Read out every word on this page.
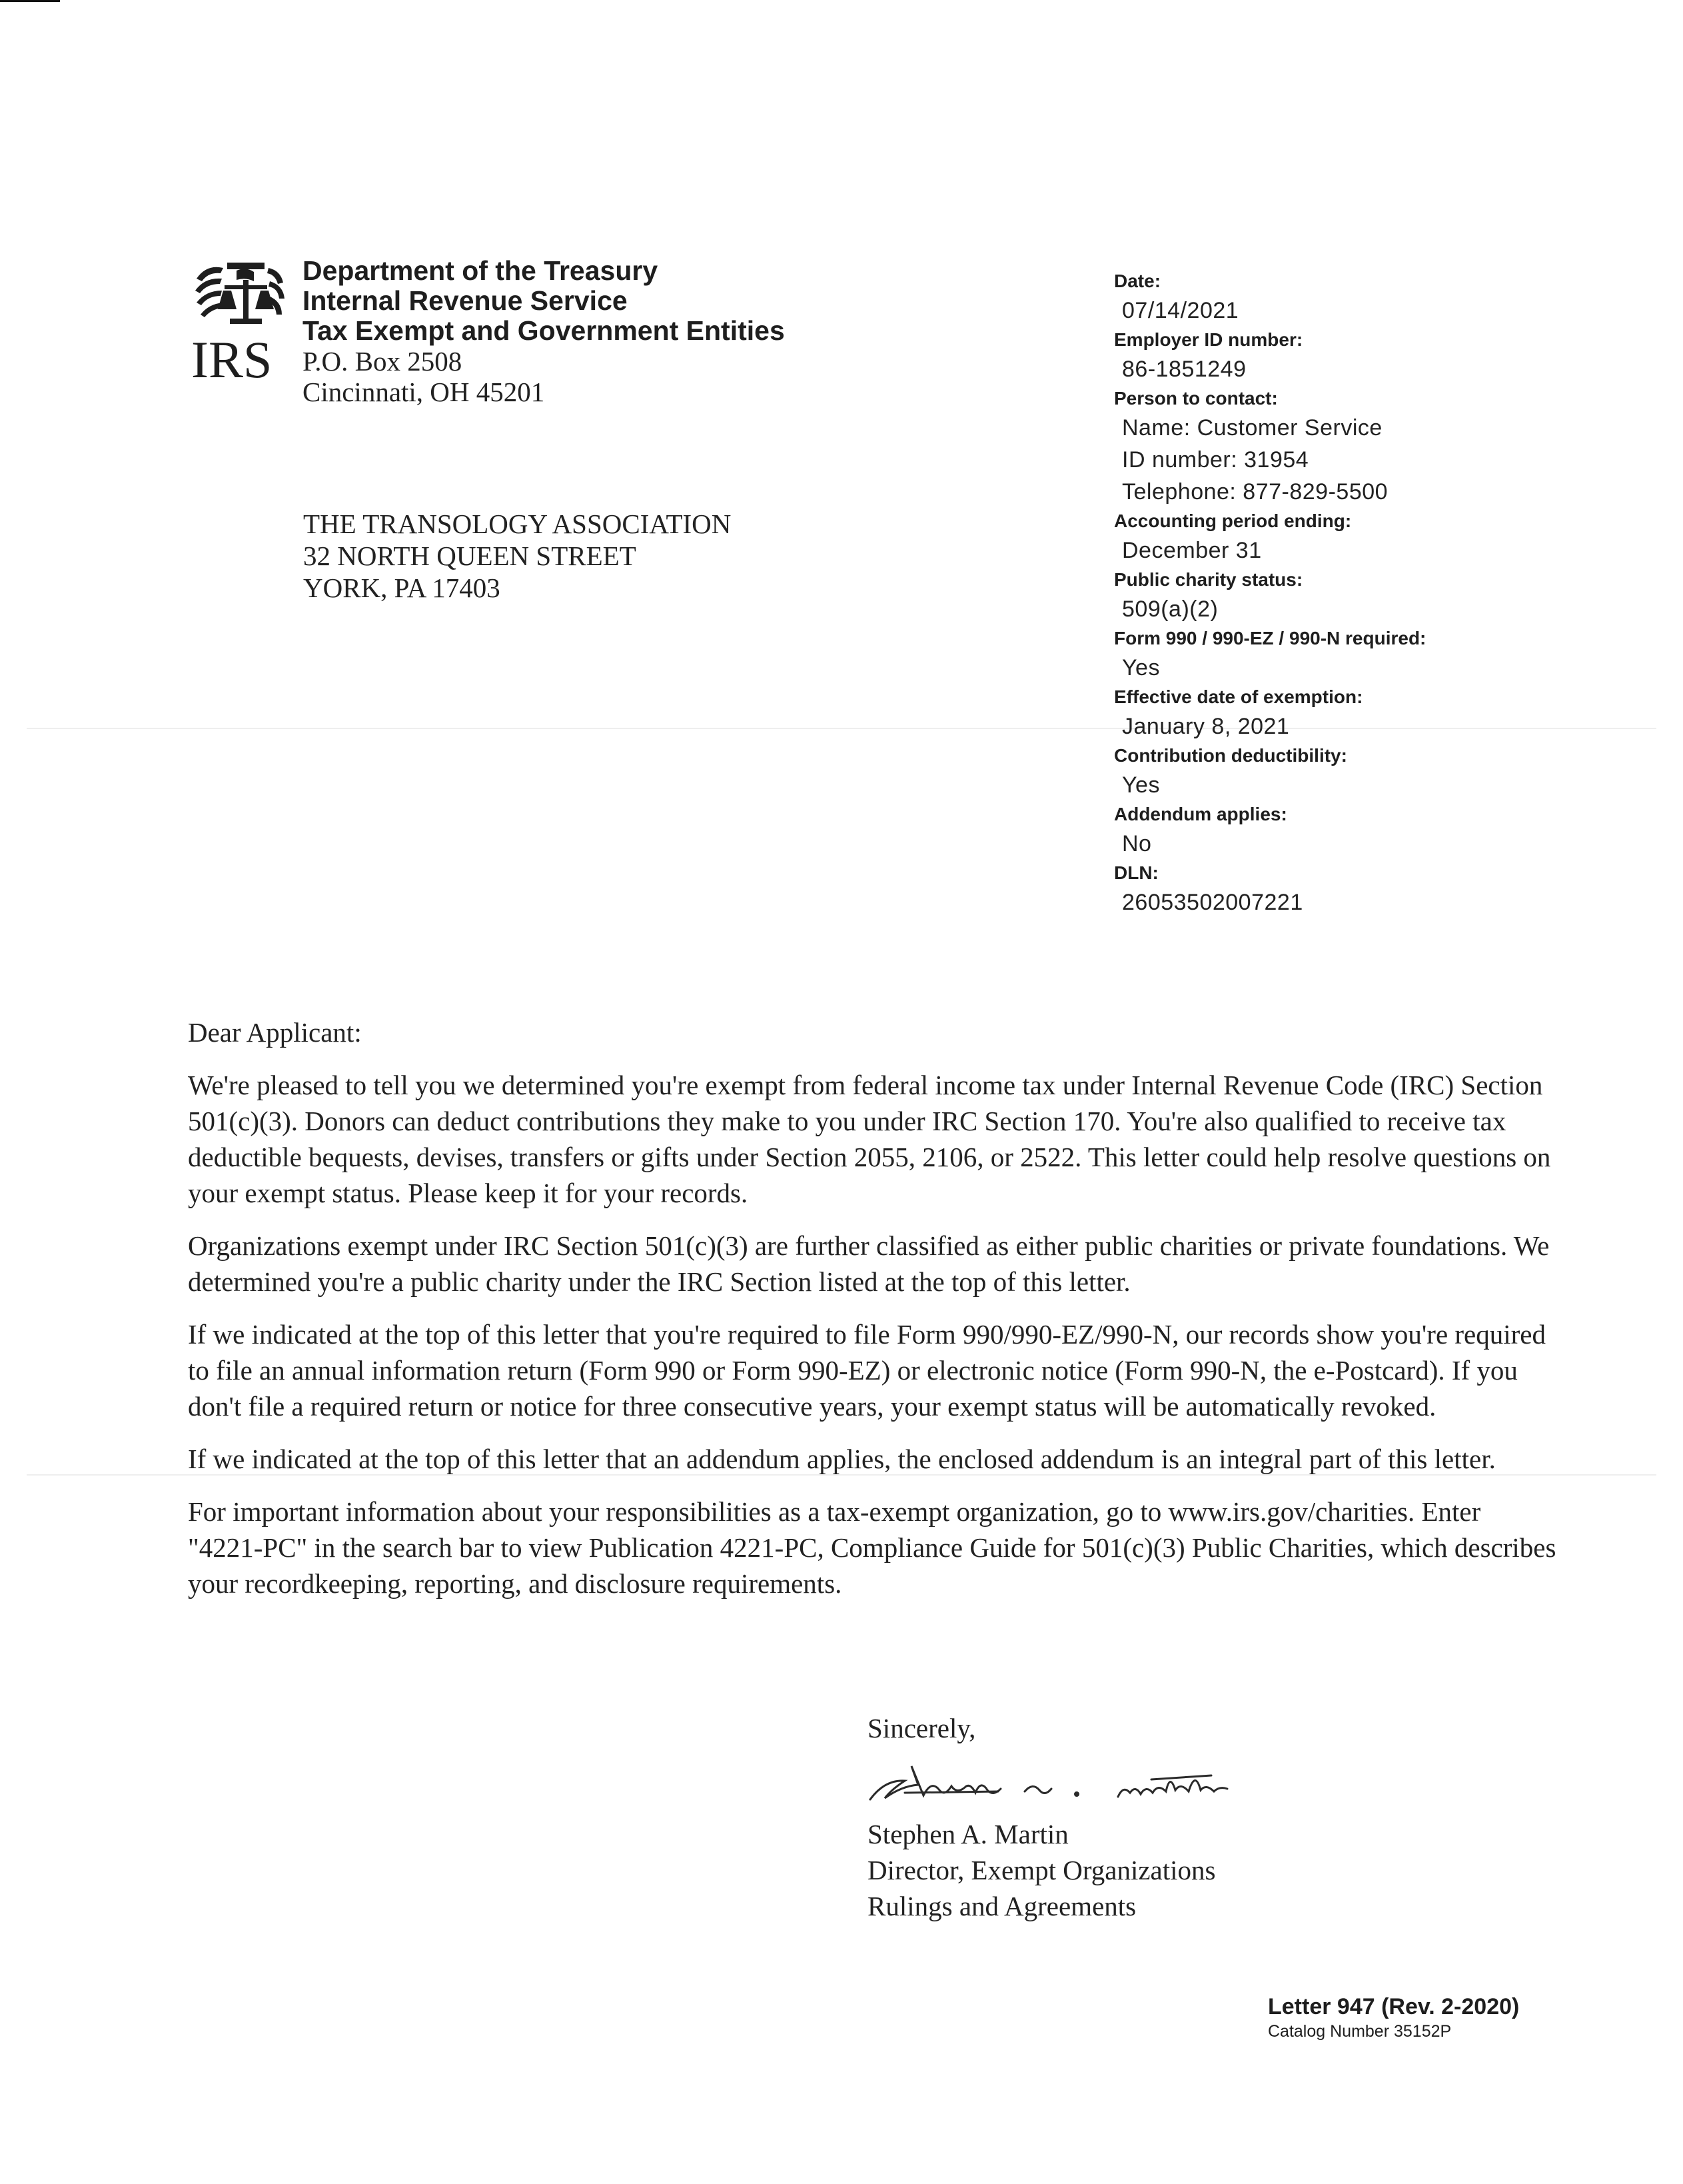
IRS
Department of the Treasury
Internal Revenue Service
Tax Exempt and Government Entities
P.O. Box 2508
Cincinnati, OH 45201
THE TRANSOLOGY ASSOCIATION
32 NORTH QUEEN STREET
YORK, PA 17403
Date:
07/14/2021
Employer ID number:
86-1851249
Person to contact:
Name: Customer Service
ID number: 31954
Telephone: 877-829-5500
Accounting period ending:
December 31
Public charity status:
509(a)(2)
Form 990 / 990-EZ / 990-N required:
Yes
Effective date of exemption:
January 8, 2021
Contribution deductibility:
Yes
Addendum applies:
No
DLN:
26053502007221

Dear Applicant:

We're pleased to tell you we determined you're exempt from federal income tax under Internal Revenue Code (IRC) Section 501(c)(3). Donors can deduct contributions they make to you under IRC Section 170. You're also qualified to receive tax deductible bequests, devises, transfers or gifts under Section 2055, 2106, or 2522. This letter could help resolve questions on your exempt status. Please keep it for your records.

Organizations exempt under IRC Section 501(c)(3) are further classified as either public charities or private foundations. We determined you're a public charity under the IRC Section listed at the top of this letter.

If we indicated at the top of this letter that you're required to file Form 990/990-EZ/990-N, our records show you're required to file an annual information return (Form 990 or Form 990-EZ) or electronic notice (Form 990-N, the e-Postcard). If you don't file a required return or notice for three consecutive years, your exempt status will be automatically revoked.

If we indicated at the top of this letter that an addendum applies, the enclosed addendum is an integral part of this letter.

For important information about your responsibilities as a tax-exempt organization, go to www.irs.gov/charities. Enter "4221-PC" in the search bar to view Publication 4221-PC, Compliance Guide for 501(c)(3) Public Charities, which describes your recordkeeping, reporting, and disclosure requirements.

Sincerely,
Stephen A. Martin
Director, Exempt Organizations
Rulings and Agreements
Letter 947 (Rev. 2-2020)
Catalog Number 35152P
